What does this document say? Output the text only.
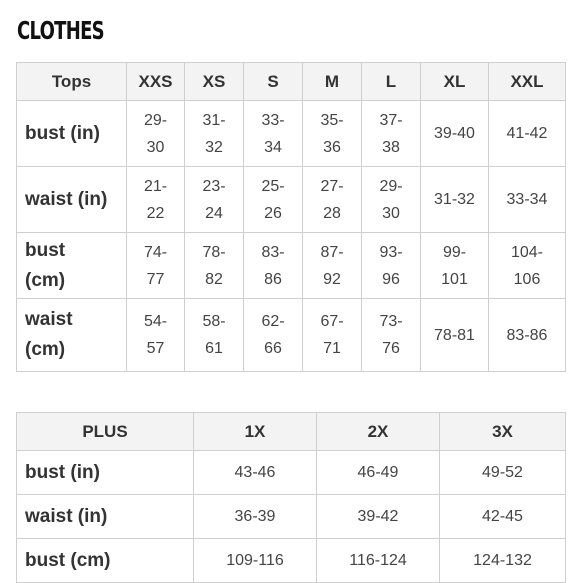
CLOTHES
Tops	XXS	XS	S	M	L	XL	XXL
bust (in)	29-30	31-32	33-34	35-36	37-38	39-40	41-42
waist (in)	21-22	23-24	25-26	27-28	29-30	31-32	33-34
bust (cm)	74-77	78-82	83-86	87-92	93-96	99-101	104-106
waist (cm)	54-57	58-61	62-66	67-71	73-76	78-81	83-86
PLUS	1X	2X	3X
bust (in)	43-46	46-49	49-52
waist (in)	36-39	39-42	42-45
bust (cm)	109-116	116-124	124-132
